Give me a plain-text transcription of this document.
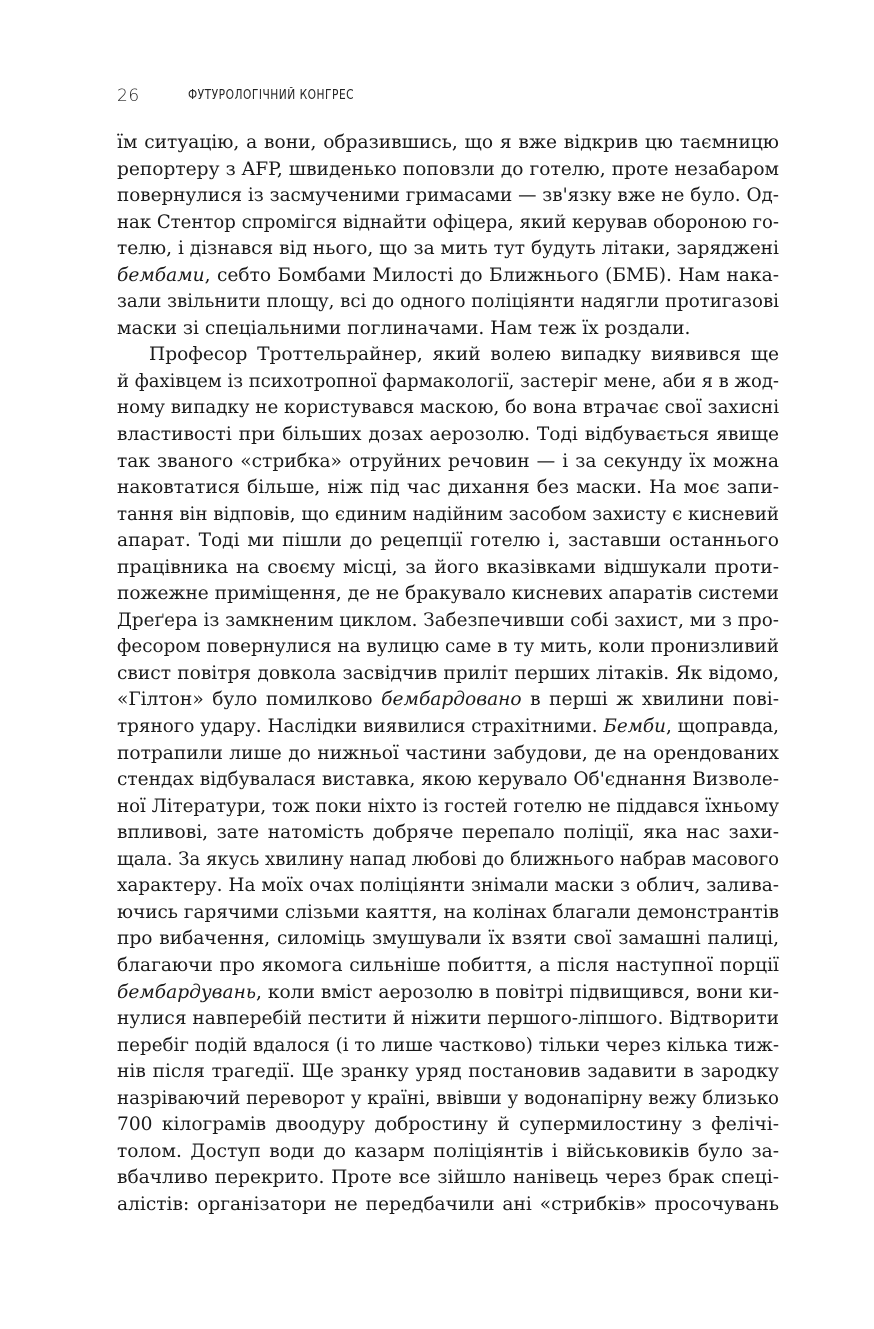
26	ФУТУРОЛОГІЧНИЙ КОНГРЕС
їм ситуацію, а вони, образившись, що я вже відкрив цю таємницю
репортеру з AFP, швиденько поповзли до готелю, проте незабаром
повернулися із засмученими гримасами — зв'язку вже не було. Од-
нак Стентор спромігся віднайти офіцера, який керував обороною го-
телю, і дізнався від нього, що за мить тут будуть літаки, заряджені
бембами, себто Бомбами Милості до Ближнього (БМБ). Нам нака-
зали звільнити площу, всі до одного поліціянти надягли протигазові
маски зі спеціальними поглиначами. Нам теж їх роздали.
Професор Троттельрайнер, який волею випадку виявився ще
й фахівцем із психотропної фармакології, застеріг мене, аби я в жод-
ному випадку не користувався маскою, бо вона втрачає свої захисні
властивості при більших дозах аерозолю. Тоді відбувається явище
так званого «стрибка» отруйних речовин — і за секунду їх можна
наковтатися більше, ніж під час дихання без маски. На моє запи-
тання він відповів, що єдиним надійним засобом захисту є кисневий
апарат. Тоді ми пішли до рецепції готелю і, заставши останнього
працівника на своєму місці, за його вказівками відшукали проти-
пожежне приміщення, де не бракувало кисневих апаратів системи
Дреґера із замкненим циклом. Забезпечивши собі захист, ми з про-
фесором повернулися на вулицю саме в ту мить, коли пронизливий
свист повітря довкола засвідчив приліт перших літаків. Як відомо,
«Гілтон» було помилково бембардовано в перші ж хвилини пові-
тряного удару. Наслідки виявилися страхітними. Бемби, щоправда,
потрапили лише до нижньої частини забудови, де на орендованих
стендах відбувалася виставка, якою керувало Об'єднання Визволе-
ної Літератури, тож поки ніхто із гостей готелю не піддався їхньому
впливові, зате натомість добряче перепало поліції, яка нас захи-
щала. За якусь хвилину напад любові до ближнього набрав масового
характеру. На моїх очах поліціянти знімали маски з облич, залива-
ючись гарячими слізьми каяття, на колінах благали демонстрантів
про вибачення, силоміць змушували їх взяти свої замашні палиці,
благаючи про якомога сильніше побиття, а після наступної порції
бембардувань, коли вміст аерозолю в повітрі підвищився, вони ки-
нулися навперебій пестити й ніжити першого-ліпшого. Відтворити
перебіг подій вдалося (і то лише частково) тільки через кілька тиж-
нів після трагедії. Ще зранку уряд постановив задавити в зародку
назріваючий переворот у країні, ввівши у водонапірну вежу близько
700 кілограмів двоодуру добростину й супермилостину з фелічі-
толом. Доступ води до казарм поліціянтів і військовиків було за-
вбачливо перекрито. Проте все зійшло нанівець через брак спеці-
алістів: організатори не передбачили ані «стрибків» просочувань
